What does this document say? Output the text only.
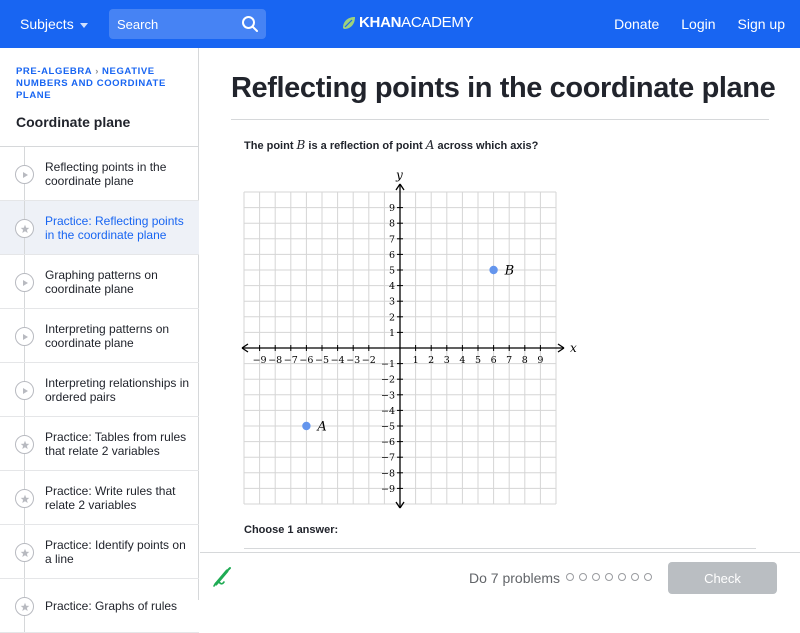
Subjects	Search	KHANACADEMY	Donate Login Sign up
PRE-ALGEBRA › NEGATIVE NUMBERS AND COORDINATE PLANE
Coordinate plane
Reflecting points in the coordinate plane
Practice: Reflecting points in the coordinate plane
Graphing patterns on coordinate plane
Interpreting patterns on coordinate plane
Interpreting relationships in ordered pairs
Practice: Tables from rules that relate 2 variables
Practice: Write rules that relate 2 variables
Practice: Identify points on a line
Practice: Graphs of rules
Reflecting points in the coordinate plane
The point B is a reflection of point A across which axis?
x
y
−9 −8 −7 −6 −5 −4 −3 −2	1 2 3 4 5 6 7 8 9
−9
−8
−7
−6
−5
−4
−3
−2
−1
1
2
3
4
5
6
7
8
9
A
B
Choose 1 answer:
Do 7 problems	Check
